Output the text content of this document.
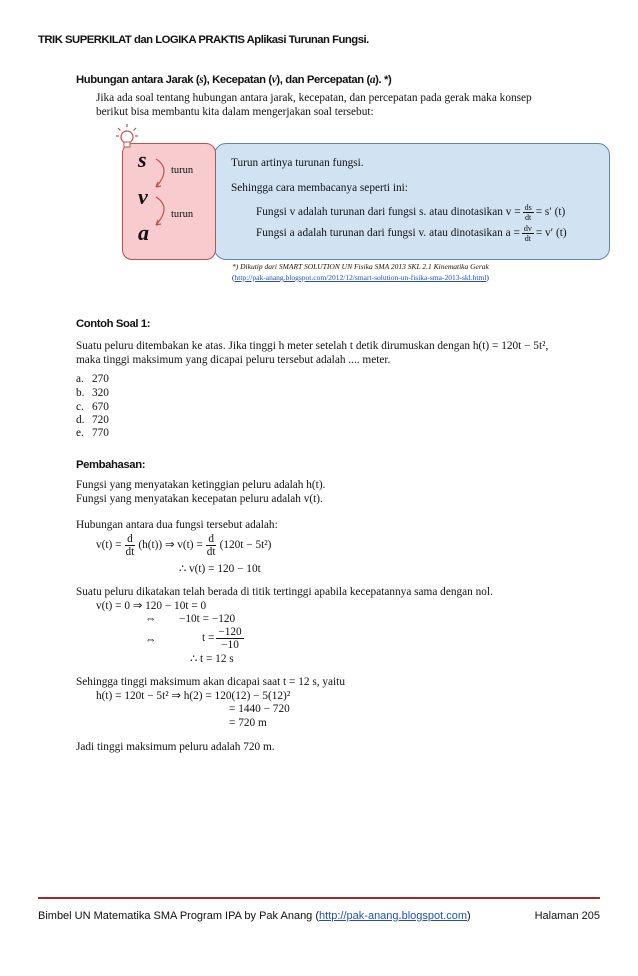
TRIK SUPERKILAT dan LOGIKA PRAKTIS Aplikasi Turunan Fungsi.
Hubungan antara Jarak (s), Kecepatan (v), dan Percepatan (a). *)
Jika ada soal tentang hubungan antara jarak, kecepatan, dan percepatan pada gerak maka konsep
berikut bisa membantu kita dalam mengerjakan soal tersebut:
s
v
a
turun
turun
Turun artinya turunan fungsi.
Sehingga cara membacanya seperti ini:
Fungsi v adalah turunan dari fungsi s. atau dinotasikan $v = \frac{ds}{dt} = s'$ (t)
Fungsi a adalah turunan dari fungsi v. atau dinotasikan $a = \frac{dv}{dt} = v'$ (t)
*) Dikutip dari SMART SOLUTION UN Fisika SMA 2013 SKL 2.1 Kinematika Gerak
(http://pak-anang.blogspot.com/2012/12/smart-solution-un-fisika-sma-2013-skl.html)
Contoh Soal 1:
Suatu peluru ditembakan ke atas. Jika tinggi h meter setelah t detik dirumuskan dengan h(t) = 120t − 5t²,
maka tinggi maksimum yang dicapai peluru tersebut adalah .... meter.
a. 270
b. 320
c. 670
d. 720
e. 770
Pembahasan:
Fungsi yang menyatakan ketinggian peluru adalah h(t).
Fungsi yang menyatakan kecepatan peluru adalah v(t).
Hubungan antara dua fungsi tersebut adalah:
$v(t) = \frac{d}{dt} (h(t))$ ⇒ $v(t) = \frac{d}{dt} (120t - 5t^2)$
∴ v(t) = 120 − 10t
Suatu peluru dikatakan telah berada di titik tertinggi apabila kecepatannya sama dengan nol.
v(t) = 0 ⇒ 120 − 10t = 0
⇔ −10t = −120
⇔	$t = \frac{-120}{-10}$
∴ t = 12 s
Sehingga tinggi maksimum akan dicapai saat t = 12 s, yaitu
h(t) = 120t − 5t² ⇒ h(2) = 120(12) − 5(12)²
= 1440 − 720
= 720 m
Jadi tinggi maksimum peluru adalah 720 m.
Bimbel UN Matematika SMA Program IPA by Pak Anang (http://pak-anang.blogspot.com)	Halaman 205
